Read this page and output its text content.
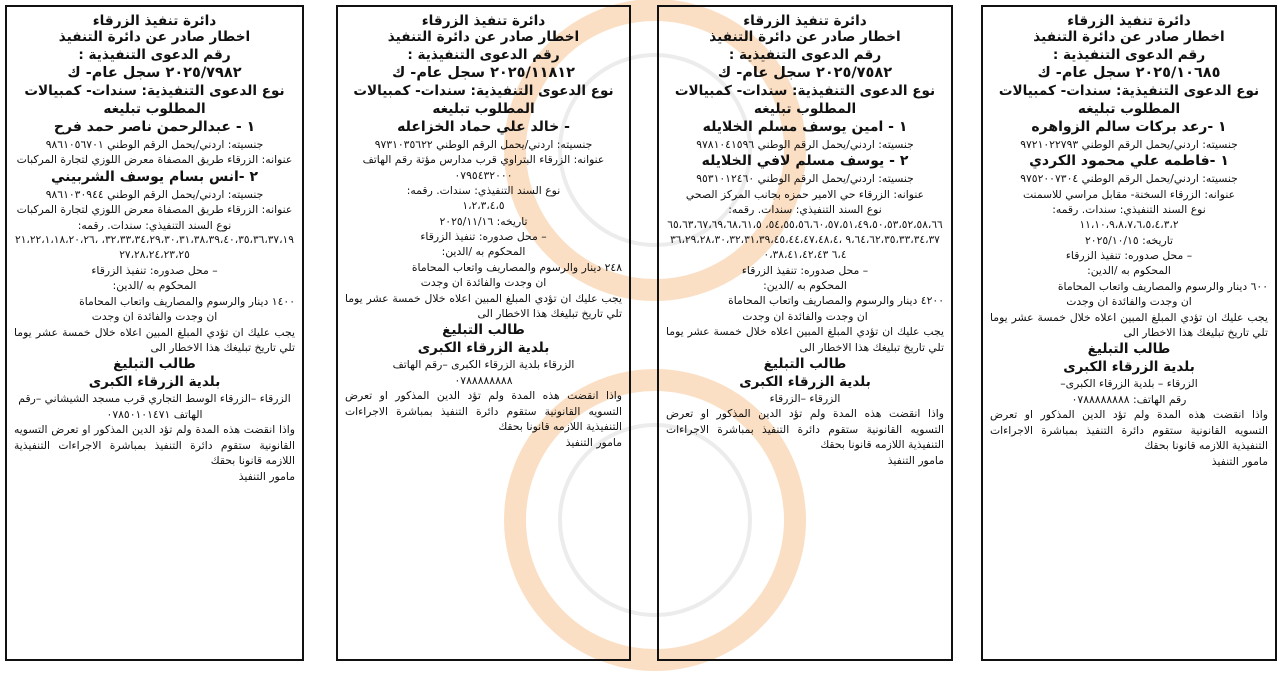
دائرة تنفيذ الزرقاء

اخطار صادر عن دائرة التنفيذ

رقم الدعوى التنفيذية :

٢٠٢٥/١٠٦٨٥ سجل عام- ك

نوع الدعوى التنفيذية: سندات- كمبيالات

المطلوب تبليغه

١ -رعد بركات سالم الزواهره

جنسيته: اردني/يحمل الرقم الوطني ٩٧٢١٠٢٢٧٩٣

١ -فاطمه علي محمود الكردي

جنسيته: اردني/يحمل الرقم الوطني ٩٧٥٢٠٠٧٣٠٤

عنوانه: الزرقاء السخنة- مقابل مراسي للاسمنت

نوع السند التنفيذي: سندات. رقمه:

١١،١٠،٩،٨،٧،٦،٥،٤،٣،٢

تاريخه: ٢٠٢٥/١٠/١٥

– محل صدوره: تنفيذ الزرقاء

المحكوم به /الدين:

٦٠٠ دينار والرسوم والمصاريف واتعاب المحاماة

ان وجدت والفائدة ان وجدت

يجب عليك ان تؤدي المبلغ المبين اعلاه خلال خمسة عشر يوما تلي تاريخ تبليغك هذا الاخطار الى

طالب التبليغ

بلدية الزرقاء الكبرى

الزرقاء – بلدية الزرقاء الكبرى–

رقم الهاتف: ٠٧٨٨٨٨٨٨٨٨

واذا انقضت هذه المدة ولم تؤد الدين المذكور او تعرض التسويه القانونية ستقوم دائرة التنفيذ بمباشرة الاجراءات التنفيذية اللازمه قانونا بحقك

مامور التنفيذ

دائرة تنفيذ الزرقاء

اخطار صادر عن دائرة التنفيذ

رقم الدعوى التنفيذية :

٢٠٢٥/٧٥٨٢ سجل عام- ك

نوع الدعوى التنفيذية: سندات- كمبيالات

المطلوب تبليغه

١ - امين يوسف مسلم الخلايله

جنسيته: اردني/يحمل الرقم الوطني ٩٧٨١٠٤١٥٩٦

٢ - يوسف مسلم لافي الخلايله

جنسيته: اردني/يحمل الرقم الوطني ٩٥٣١٠١٢٤٦٠

عنوانه: الزرقاء حي الامير حمزه بجانب المركز الصحي

نوع السند التنفيذي: سندات. رقمه:

٥٤،٥٥،٥٦،٦٠،٥٧،٥١،٤٩،٥٠،٥٣،٥٢،٥٨،٦٦، ٦٥،٦٣،٦٧،٦٩،٦٨،٦١،٥٩،٦٤،٦٢،٣٥،٣٣،٣٤،٣٧ ،٣٦،٢٩،٢٨،٣٠،٣٢،٣١،٣٩،٤٥،٤٤،٤٧،٤٨،٤٦،٤ ٠،٣٨،٤١،٤٢،٤٣

– محل صدوره: تنفيذ الزرقاء

المحكوم به /الدين:

٤٢٠٠ دينار والرسوم والمصاريف واتعاب المحاماة

ان وجدت والفائدة ان وجدت

يجب عليك ان تؤدي المبلغ المبين اعلاه خلال خمسة عشر يوما تلي تاريخ تبليغك هذا الاخطار الى

طالب التبليغ

بلدية الزرقاء الكبرى

الزرقاء –الزرقاء

واذا انقضت هذه المدة ولم تؤد الدين المذكور او تعرض التسويه القانونية ستقوم دائرة التنفيذ بمباشرة الاجراءات التنفيذية اللازمه قانونا بحقك

مامور التنفيذ

دائرة تنفيذ الزرقاء

اخطار صادر عن دائرة التنفيذ

رقم الدعوى التنفيذية :

٢٠٢٥/١١٨١٢ سجل عام- ك

نوع الدعوى التنفيذية: سندات- كمبيالات

المطلوب تبليغه

- خالد علي حماد الخزاعله

جنسيته: اردني/يحمل الرقم الوطني ٩٧٣١٠٣٥٦٢٢

عنوانه: الزرقاء البتراوي قرب مدارس مؤتة رقم الهاتف ٠٧٩٥٤٣٢٠٠٠

نوع السند التنفيذي: سندات. رقمه:

١،٢،٣،٤،٥

تاريخه: ٢٠٢٥/١١/١٦

– محل صدوره: تنفيذ الزرقاء

المحكوم به /الدين:

٢٤٨ دينار والرسوم والمصاريف واتعاب المحاماة

ان وجدت والفائدة ان وجدت

يجب عليك ان تؤدي المبلغ المبين اعلاه خلال خمسة عشر يوما تلي تاريخ تبليغك هذا الاخطار الى

طالب التبليغ

بلدية الزرقاء الكبرى

الزرقاء بلدية الزرقاء الكبرى –رقم الهاتف

٠٧٨٨٨٨٨٨٨٨

واذا انقضت هذه المدة ولم تؤد الدين المذكور او تعرض التسويه القانونية ستقوم دائرة التنفيذ بمباشرة الاجراءات التنفيذية اللازمه قانونا بحقك

مامور التنفيذ

دائرة تنفيذ الزرقاء

اخطار صادر عن دائرة التنفيذ

رقم الدعوى التنفيذية :

٢٠٢٥/٧٩٨٢ سجل عام- ك

نوع الدعوى التنفيذية: سندات- كمبيالات

المطلوب تبليغه

١ - عبدالرحمن ناصر حمد فرح

جنسيته: اردني/يحمل الرقم الوطني ٩٨٦١٠٥٦٧٠١

عنوانه: الزرقاء طريق المصفاة معرض اللوزي لتجارة المركبات

٢ -انس بسام يوسف الشربيني

جنسيته: اردني/يحمل الرقم الوطني ٩٨٦١٠٣٠٩٤٤

عنوانه: الزرقاء طريق المصفاة معرض اللوزي لتجارة المركبات

نوع السند التنفيذي: سندات. رقمه:

٣٢،٣٣،٣٤،٢٩،٣٠،٣١،٣٨،٣٩،٤٠،٣٥،٣٦،٣٧،١٩، ٢١،٢٢،١،١٨،٢٠،٢٦،٢٧،٢٨،٢٤،٢٣،٢٥

– محل صدوره: تنفيذ الزرقاء

المحكوم به /الدين:

١٤٠٠ دينار والرسوم والمصاريف واتعاب المحاماة

ان وجدت والفائدة ان وجدت

يجب عليك ان تؤدي المبلغ المبين اعلاه خلال خمسة عشر يوما تلي تاريخ تبليغك هذا الاخطار الى

طالب التبليغ

بلدية الزرقاء الكبرى

الزرقاء –الزرقاء الوسط التجاري قرب مسجد الشيشاني –رقم الهاتف ٠٧٨٥٠١٠١٤٧١

واذا انقضت هذه المدة ولم تؤد الدين المذكور او تعرض التسويه القانونية ستقوم دائرة التنفيذ بمباشرة الاجراءات التنفيذية اللازمه قانونا بحقك

مامور التنفيذ
